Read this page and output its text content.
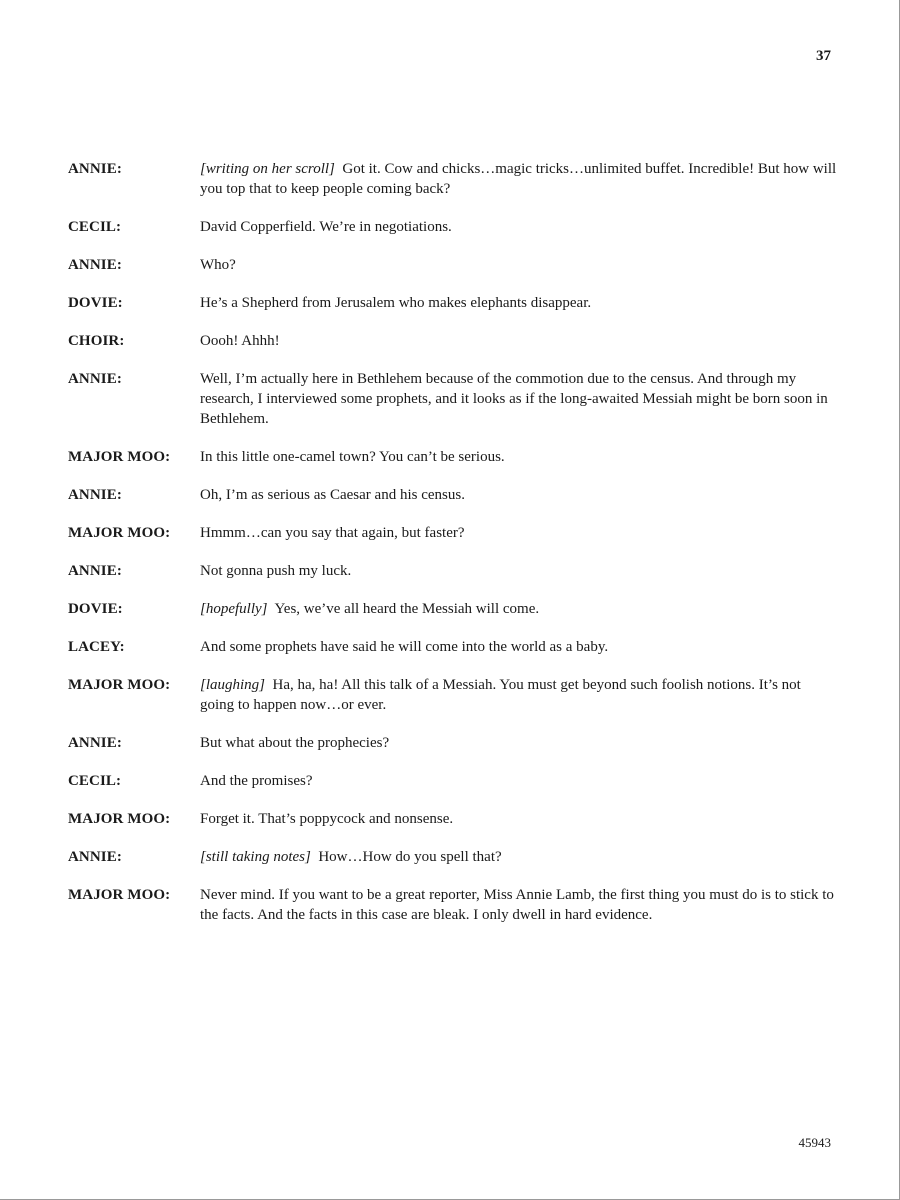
37
ANNIE:	[writing on her scroll] Got it. Cow and chicks…magic tricks…unlimited buffet. Incredible! But how will you top that to keep people coming back?
CECIL:	David Copperfield. We’re in negotiations.
ANNIE:	Who?
DOVIE:	He’s a Shepherd from Jerusalem who makes elephants disappear.
CHOIR:	Oooh! Ahhh!
ANNIE:	Well, I’m actually here in Bethlehem because of the commotion due to the census. And through my research, I interviewed some prophets, and it looks as if the long-awaited Messiah might be born soon in Bethlehem.
MAJOR MOO:	In this little one-camel town? You can’t be serious.
ANNIE:	Oh, I’m as serious as Caesar and his census.
MAJOR MOO:	Hmmm…can you say that again, but faster?
ANNIE:	Not gonna push my luck.
DOVIE:	[hopefully] Yes, we’ve all heard the Messiah will come.
LACEY:	And some prophets have said he will come into the world as a baby.
MAJOR MOO:	[laughing] Ha, ha, ha! All this talk of a Messiah. You must get beyond such foolish notions. It’s not going to happen now…or ever.
ANNIE:	But what about the prophecies?
CECIL:	And the promises?
MAJOR MOO:	Forget it. That’s poppycock and nonsense.
ANNIE:	[still taking notes] How…How do you spell that?
MAJOR MOO:	Never mind. If you want to be a great reporter, Miss Annie Lamb, the first thing you must do is to stick to the facts. And the facts in this case are bleak. I only dwell in hard evidence.
45943
